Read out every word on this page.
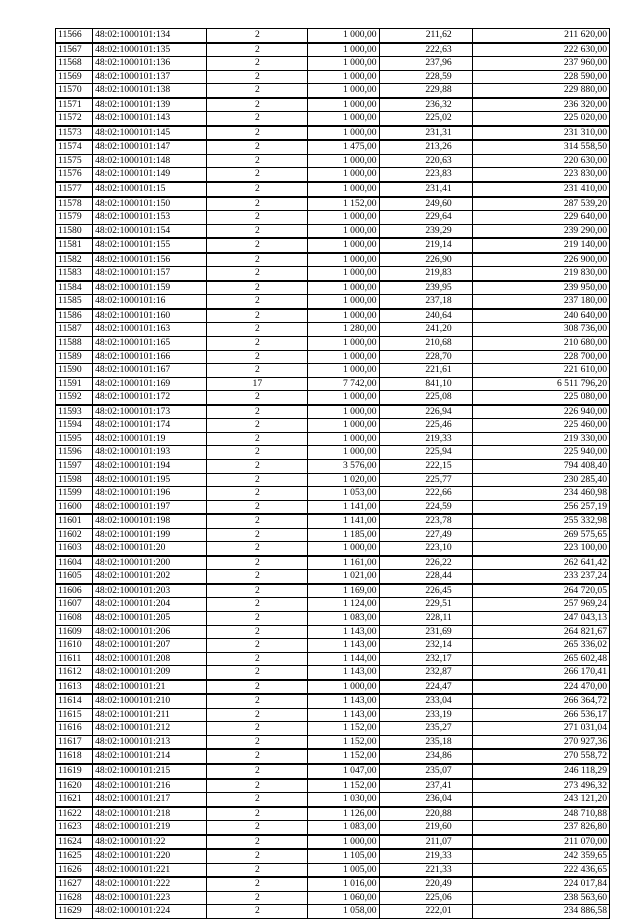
11566	48:02:1000101:134	2	1 000,00	211,62	211 620,00
11567	48:02:1000101:135	2	1 000,00	222,63	222 630,00
11568	48:02:1000101:136	2	1 000,00	237,96	237 960,00
11569	48:02:1000101:137	2	1 000,00	228,59	228 590,00
11570	48:02:1000101:138	2	1 000,00	229,88	229 880,00
11571	48:02:1000101:139	2	1 000,00	236,32	236 320,00
11572	48:02:1000101:143	2	1 000,00	225,02	225 020,00
11573	48:02:1000101:145	2	1 000,00	231,31	231 310,00
11574	48:02:1000101:147	2	1 475,00	213,26	314 558,50
11575	48:02:1000101:148	2	1 000,00	220,63	220 630,00
11576	48:02:1000101:149	2	1 000,00	223,83	223 830,00
11577	48:02:1000101:15	2	1 000,00	231,41	231 410,00
11578	48:02:1000101:150	2	1 152,00	249,60	287 539,20
11579	48:02:1000101:153	2	1 000,00	229,64	229 640,00
11580	48:02:1000101:154	2	1 000,00	239,29	239 290,00
11581	48:02:1000101:155	2	1 000,00	219,14	219 140,00
11582	48:02:1000101:156	2	1 000,00	226,90	226 900,00
11583	48:02:1000101:157	2	1 000,00	219,83	219 830,00
11584	48:02:1000101:159	2	1 000,00	239,95	239 950,00
11585	48:02:1000101:16	2	1 000,00	237,18	237 180,00
11586	48:02:1000101:160	2	1 000,00	240,64	240 640,00
11587	48:02:1000101:163	2	1 280,00	241,20	308 736,00
11588	48:02:1000101:165	2	1 000,00	210,68	210 680,00
11589	48:02:1000101:166	2	1 000,00	228,70	228 700,00
11590	48:02:1000101:167	2	1 000,00	221,61	221 610,00
11591	48:02:1000101:169	17	7 742,00	841,10	6 511 796,20
11592	48:02:1000101:172	2	1 000,00	225,08	225 080,00
11593	48:02:1000101:173	2	1 000,00	226,94	226 940,00
11594	48:02:1000101:174	2	1 000,00	225,46	225 460,00
11595	48:02:1000101:19	2	1 000,00	219,33	219 330,00
11596	48:02:1000101:193	2	1 000,00	225,94	225 940,00
11597	48:02:1000101:194	2	3 576,00	222,15	794 408,40
11598	48:02:1000101:195	2	1 020,00	225,77	230 285,40
11599	48:02:1000101:196	2	1 053,00	222,66	234 460,98
11600	48:02:1000101:197	2	1 141,00	224,59	256 257,19
11601	48:02:1000101:198	2	1 141,00	223,78	255 332,98
11602	48:02:1000101:199	2	1 185,00	227,49	269 575,65
11603	48:02:1000101:20	2	1 000,00	223,10	223 100,00
11604	48:02:1000101:200	2	1 161,00	226,22	262 641,42
11605	48:02:1000101:202	2	1 021,00	228,44	233 237,24
11606	48:02:1000101:203	2	1 169,00	226,45	264 720,05
11607	48:02:1000101:204	2	1 124,00	229,51	257 969,24
11608	48:02:1000101:205	2	1 083,00	228,11	247 043,13
11609	48:02:1000101:206	2	1 143,00	231,69	264 821,67
11610	48:02:1000101:207	2	1 143,00	232,14	265 336,02
11611	48:02:1000101:208	2	1 144,00	232,17	265 602,48
11612	48:02:1000101:209	2	1 143,00	232,87	266 170,41
11613	48:02:1000101:21	2	1 000,00	224,47	224 470,00
11614	48:02:1000101:210	2	1 143,00	233,04	266 364,72
11615	48:02:1000101:211	2	1 143,00	233,19	266 536,17
11616	48:02:1000101:212	2	1 152,00	235,27	271 031,04
11617	48:02:1000101:213	2	1 152,00	235,18	270 927,36
11618	48:02:1000101:214	2	1 152,00	234,86	270 558,72
11619	48:02:1000101:215	2	1 047,00	235,07	246 118,29
11620	48:02:1000101:216	2	1 152,00	237,41	273 496,32
11621	48:02:1000101:217	2	1 030,00	236,04	243 121,20
11622	48:02:1000101:218	2	1 126,00	220,88	248 710,88
11623	48:02:1000101:219	2	1 083,00	219,60	237 826,80
11624	48:02:1000101:22	2	1 000,00	211,07	211 070,00
11625	48:02:1000101:220	2	1 105,00	219,33	242 359,65
11626	48:02:1000101:221	2	1 005,00	221,33	222 436,65
11627	48:02:1000101:222	2	1 016,00	220,49	224 017,84
11628	48:02:1000101:223	2	1 060,00	225,06	238 563,60
11629	48:02:1000101:224	2	1 058,00	222,01	234 886,58
